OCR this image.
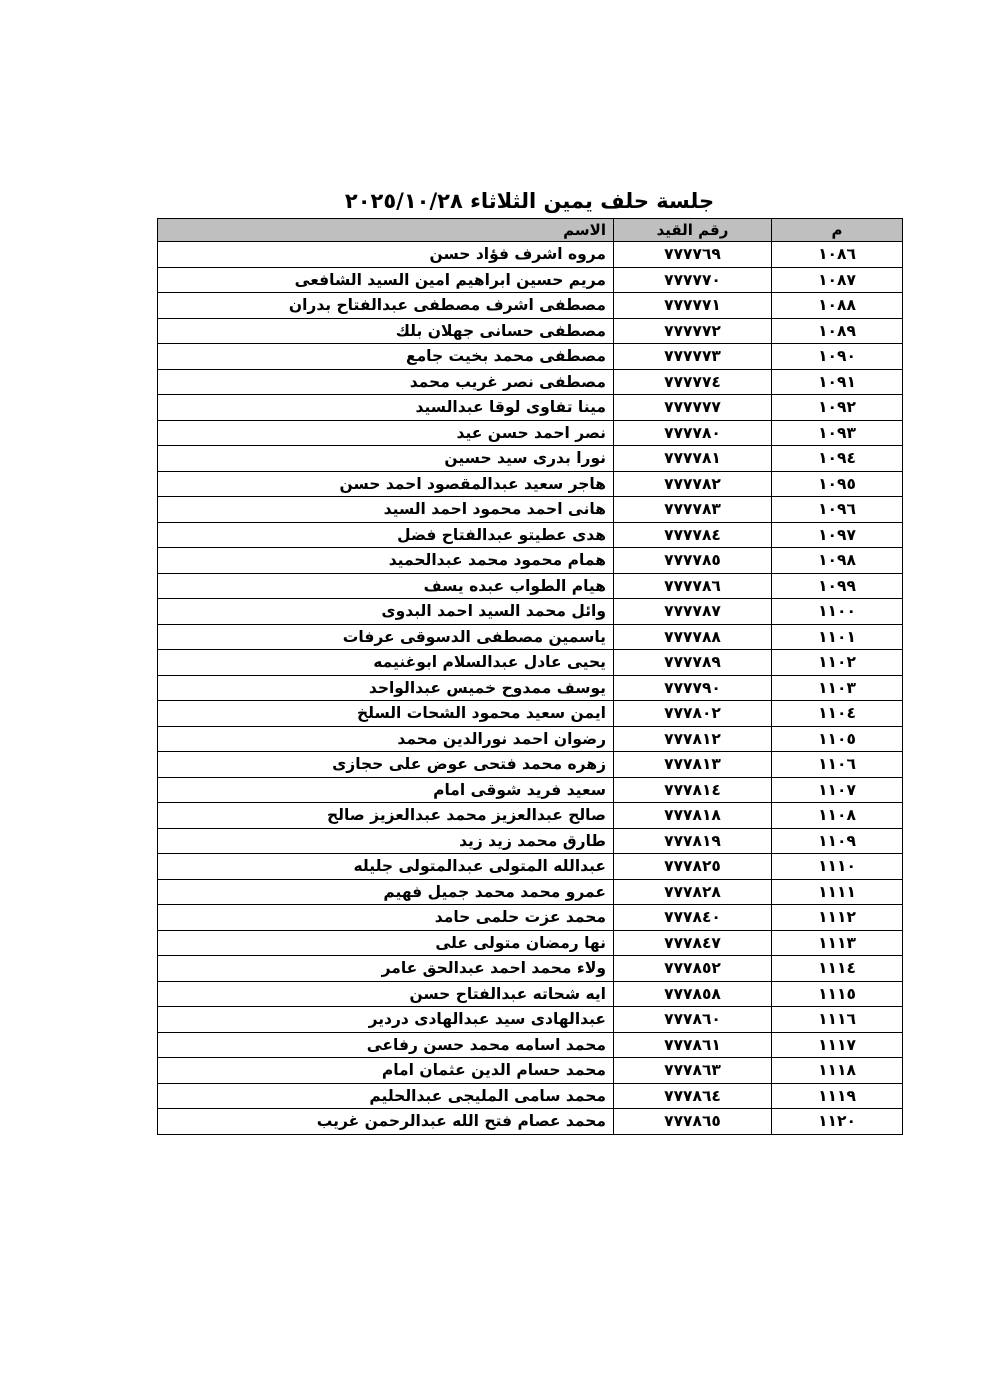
جلسة حلف يمين الثلاثاء ٢٠٢٥/١٠/٢٨
م	رقم القيد	الاسم
١٠٨٦	٧٧٧٧٦٩	مروه اشرف فؤاد حسن
١٠٨٧	٧٧٧٧٧٠	مريم حسين ابراهيم امين السيد الشافعى
١٠٨٨	٧٧٧٧٧١	مصطفى اشرف مصطفى عبدالفتاح بدران
١٠٨٩	٧٧٧٧٧٢	مصطفى حسانى جهلان بلك
١٠٩٠	٧٧٧٧٧٣	مصطفى محمد بخيت جامع
١٠٩١	٧٧٧٧٧٤	مصطفى نصر غريب محمد
١٠٩٢	٧٧٧٧٧٧	مينا تفاوى لوقا عبدالسيد
١٠٩٣	٧٧٧٧٨٠	نصر احمد حسن عيد
١٠٩٤	٧٧٧٧٨١	نورا بدرى سيد حسين
١٠٩٥	٧٧٧٧٨٢	هاجر سعيد عبدالمقصود احمد حسن
١٠٩٦	٧٧٧٧٨٣	هانى احمد محمود احمد السيد
١٠٩٧	٧٧٧٧٨٤	هدى عطيتو عبدالفتاح فضل
١٠٩٨	٧٧٧٧٨٥	همام محمود محمد عبدالحميد
١٠٩٩	٧٧٧٧٨٦	هيام الطواب عبده يسف
١١٠٠	٧٧٧٧٨٧	وائل محمد السيد احمد البدوى
١١٠١	٧٧٧٧٨٨	ياسمين مصطفى الدسوقى عرفات
١١٠٢	٧٧٧٧٨٩	يحيى عادل عبدالسلام ابوغنيمه
١١٠٣	٧٧٧٧٩٠	يوسف ممدوح خميس عبدالواحد
١١٠٤	٧٧٧٨٠٢	ايمن سعيد محمود الشحات السلخ
١١٠٥	٧٧٧٨١٢	رضوان احمد نورالدين محمد
١١٠٦	٧٧٧٨١٣	زهره محمد فتحى عوض على حجازى
١١٠٧	٧٧٧٨١٤	سعيد فريد شوقى امام
١١٠٨	٧٧٧٨١٨	صالح عبدالعزيز محمد عبدالعزيز صالح
١١٠٩	٧٧٧٨١٩	طارق محمد زيد زيد
١١١٠	٧٧٧٨٢٥	عبدالله المتولى عبدالمتولى جليله
١١١١	٧٧٧٨٢٨	عمرو محمد محمد جميل فهيم
١١١٢	٧٧٧٨٤٠	محمد عزت حلمى حامد
١١١٣	٧٧٧٨٤٧	نها رمضان متولى على
١١١٤	٧٧٧٨٥٢	ولاء محمد احمد عبدالحق عامر
١١١٥	٧٧٧٨٥٨	ايه شحاته عبدالفتاح حسن
١١١٦	٧٧٧٨٦٠	عبدالهادى سيد عبدالهادى دردير
١١١٧	٧٧٧٨٦١	محمد اسامه محمد حسن رفاعى
١١١٨	٧٧٧٨٦٣	محمد حسام الدين عثمان امام
١١١٩	٧٧٧٨٦٤	محمد سامى المليجى عبدالحليم
١١٢٠	٧٧٧٨٦٥	محمد عصام فتح الله عبدالرحمن غريب
